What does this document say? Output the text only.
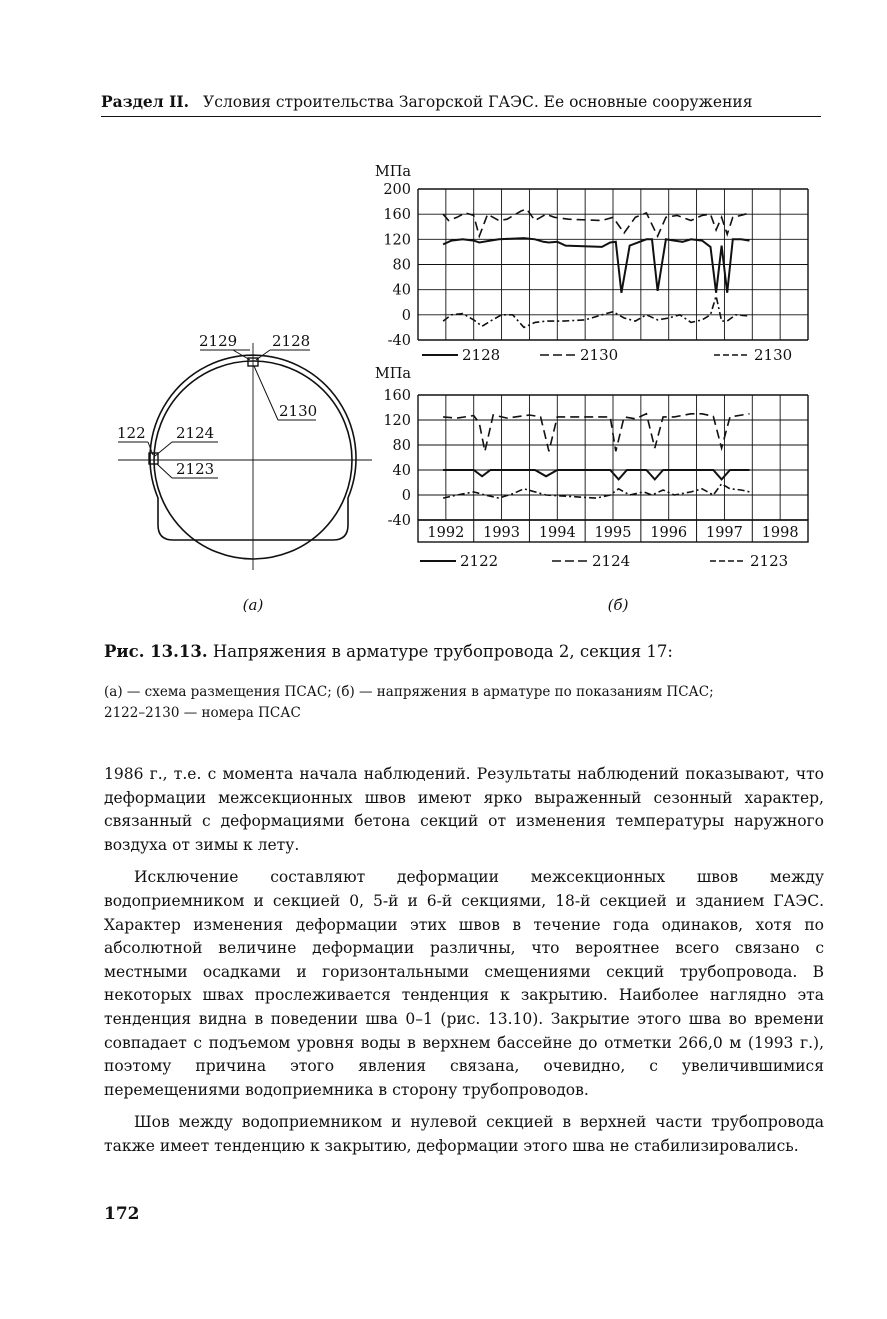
Раздел II. Условия строительства Загорской ГАЭС. Ее основные сооружения
2129 2128
2130
122 2124
2123
200
160
120
80
40
0
-40
МПа
2128	2130	2130
160
120
80
40
0
-40
МПа
2122	2124	2123
1992 1993 1994 1995 1996 1997 1998
(а)	(б)
Рис. 13.13. Напряжения в арматуре трубопровода 2, секция 17:
(а) — схема размещения ПСАС; (б) — напряжения в арматуре по показаниям ПСАС;
2122–2130 — номера ПСАС

1986 г., т.е. с момента начала наблюдений. Результаты наблюдений показывают, что деформации межсекционных швов имеют ярко выраженный сезонный характер, связанный с деформациями бетона секций от изменения температуры наружного воздуха от зимы к лету.

Исключение составляют деформации межсекционных швов между водоприемником и секцией 0, 5-й и 6-й секциями, 18-й секцией и зданием ГАЭС. Характер изменения деформации этих швов в течение года одинаков, хотя по абсолютной величине деформации различны, что вероятнее всего связано с местными осадками и горизонтальными смещениями секций трубопровода. В некоторых швах прослеживается тенденция к закрытию. Наиболее наглядно эта тенденция видна в поведении шва 0–1 (рис. 13.10). Закрытие этого шва во времени совпадает с подъемом уровня воды в верхнем бассейне до отметки 266,0 м (1993 г.), поэтому причина этого явления связана, очевидно, с увеличившимися перемещениями водоприемника в сторону трубопроводов.

Шов между водоприемником и нулевой секцией в верхней части трубопровода также имеет тенденцию к закрытию, деформации этого шва не стабилизировались.

172
